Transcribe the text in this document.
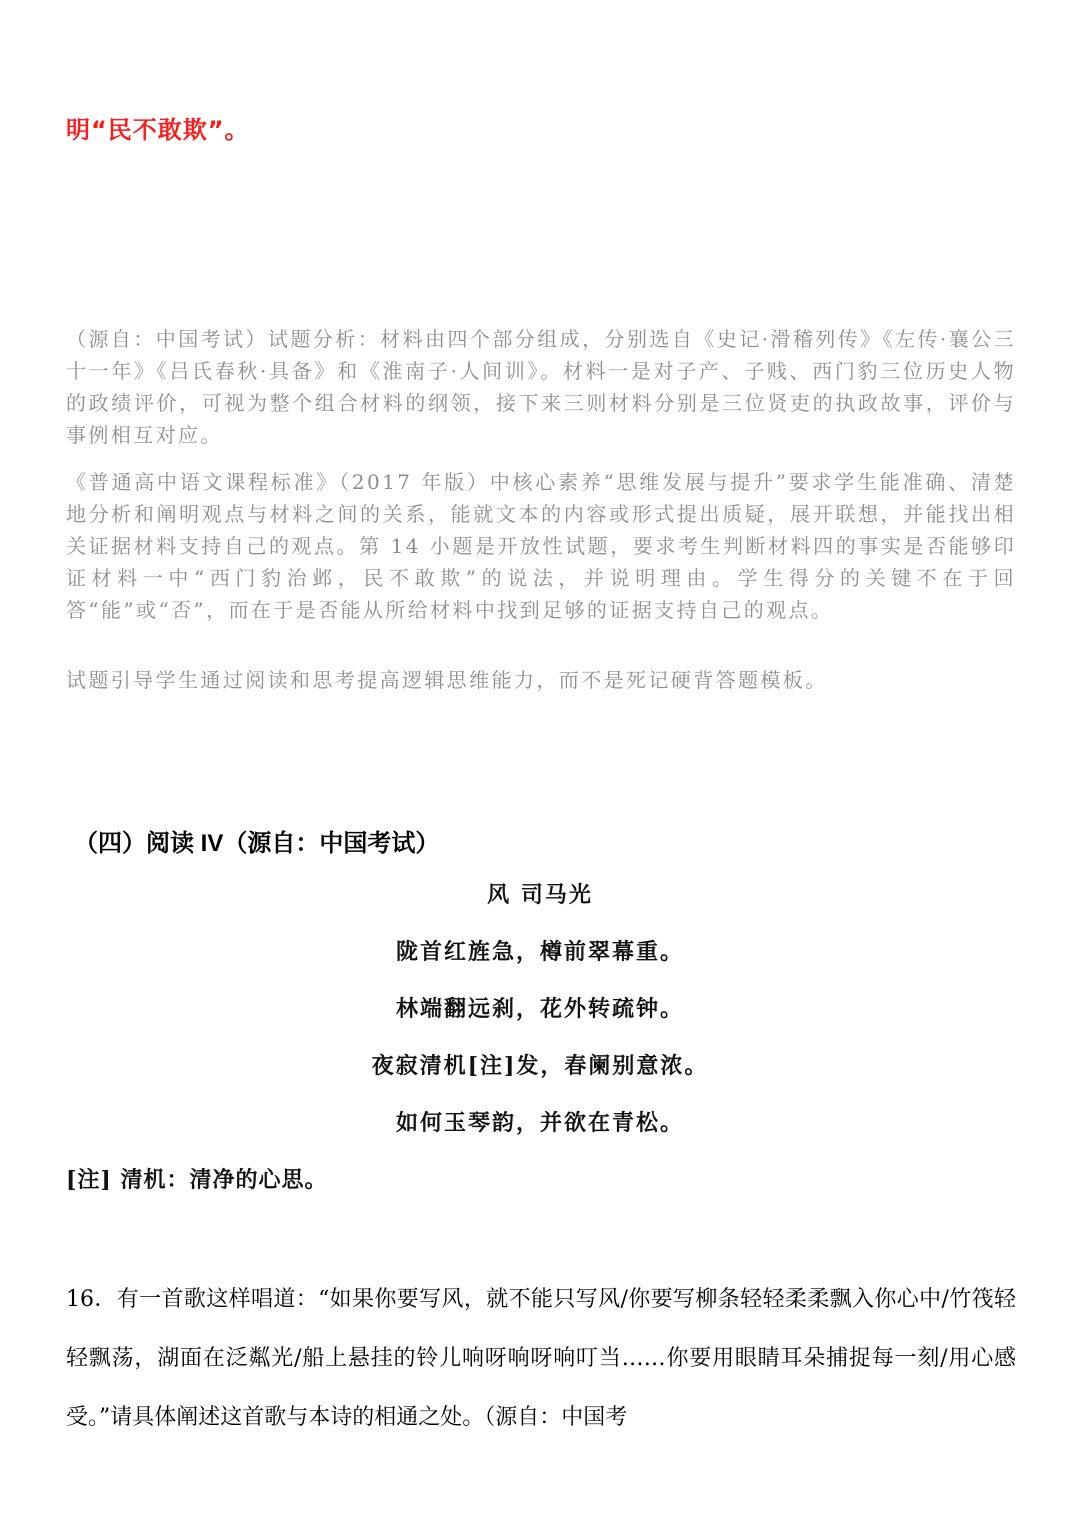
明“民不敢欺”。
（源自：中国考试）试题分析：材料由四个部分组成，分别选自《史记·滑稽列传》《左传·襄公三十一年》《吕氏春秋·具备》和《淮南子·人间训》。材料一是对子产、子贱、西门豹三位历史人物的政绩评价，可视为整个组合材料的纲领，接下来三则材料分别是三位贤吏的执政故事，评价与事例相互对应。
《普通高中语文课程标准》（2017 年版）中核心素养“思维发展与提升”要求学生能准确、清楚地分析和阐明观点与材料之间的关系，能就文本的内容或形式提出质疑，展开联想，并能找出相关证据材料支持自己的观点。第 14 小题是开放性试题，要求考生判断材料四的事实是否能够印证材料一中“西门豹治邺，民不敢欺”的说法，并说明理由。学生得分的关键不在于回答“能”或“否”，而在于是否能从所给材料中找到足够的证据支持自己的观点。
试题引导学生通过阅读和思考提高逻辑思维能力，而不是死记硬背答题模板。
（四）阅读 IV（源自：中国考试）
风 司马光
陇首红旌急，樽前翠幕重。
林端翻远刹，花外转疏钟。
夜寂清机[注]发，春阑别意浓。
如何玉琴韵，并欲在青松。
[注] 清机：清净的心思。
16．有一首歌这样唱道：“如果你要写风，就不能只写风/你要写柳条轻轻柔柔飘入你心中/竹筏轻轻飘荡，湖面在泛粼光/船上悬挂的铃儿响呀响呀响叮当……你要用眼睛耳朵捕捉每一刻/用心感受。”请具体阐述这首歌与本诗的相通之处。（源自：中国考
